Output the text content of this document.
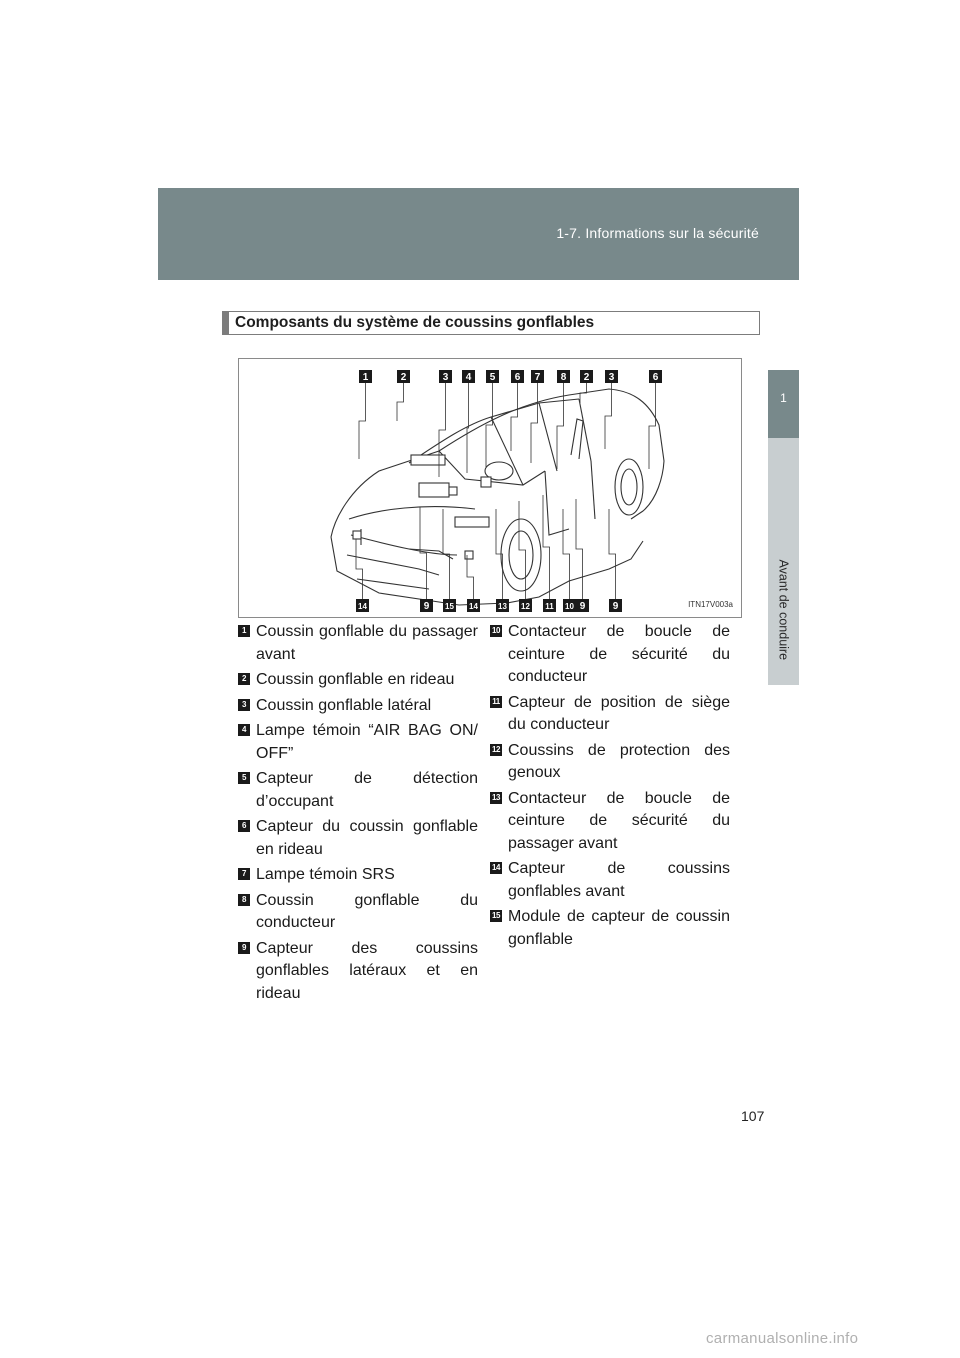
1-7. Informations sur la sécurité
1
Composants du système de coussins gonflables
1	2	3 4 5 6 7 8 2 3	6
14	9 15 14	13 12 11 10 9	9	ITN17V003a
1 Coussin gonflable du passager avant
2 Coussin gonflable en rideau
3 Coussin gonflable latéral
4 Lampe témoin “AIR BAG ON/ OFF”
5 Capteur de détection d’occupant
6 Capteur du coussin gonflable en rideau
7 Lampe témoin SRS
8 Coussin gonflable du conducteur
9 Capteur des coussins gonflables latéraux et en rideau
10 Contacteur de boucle de ceinture de sécurité du conducteur
11 Capteur de position de siège du conducteur
12 Coussins de protection des genoux
13 Contacteur de boucle de ceinture de sécurité du passager avant
14 Capteur de coussins gonflables avant
15 Module de capteur de coussin gonflable
107
carmanualsonline.info
